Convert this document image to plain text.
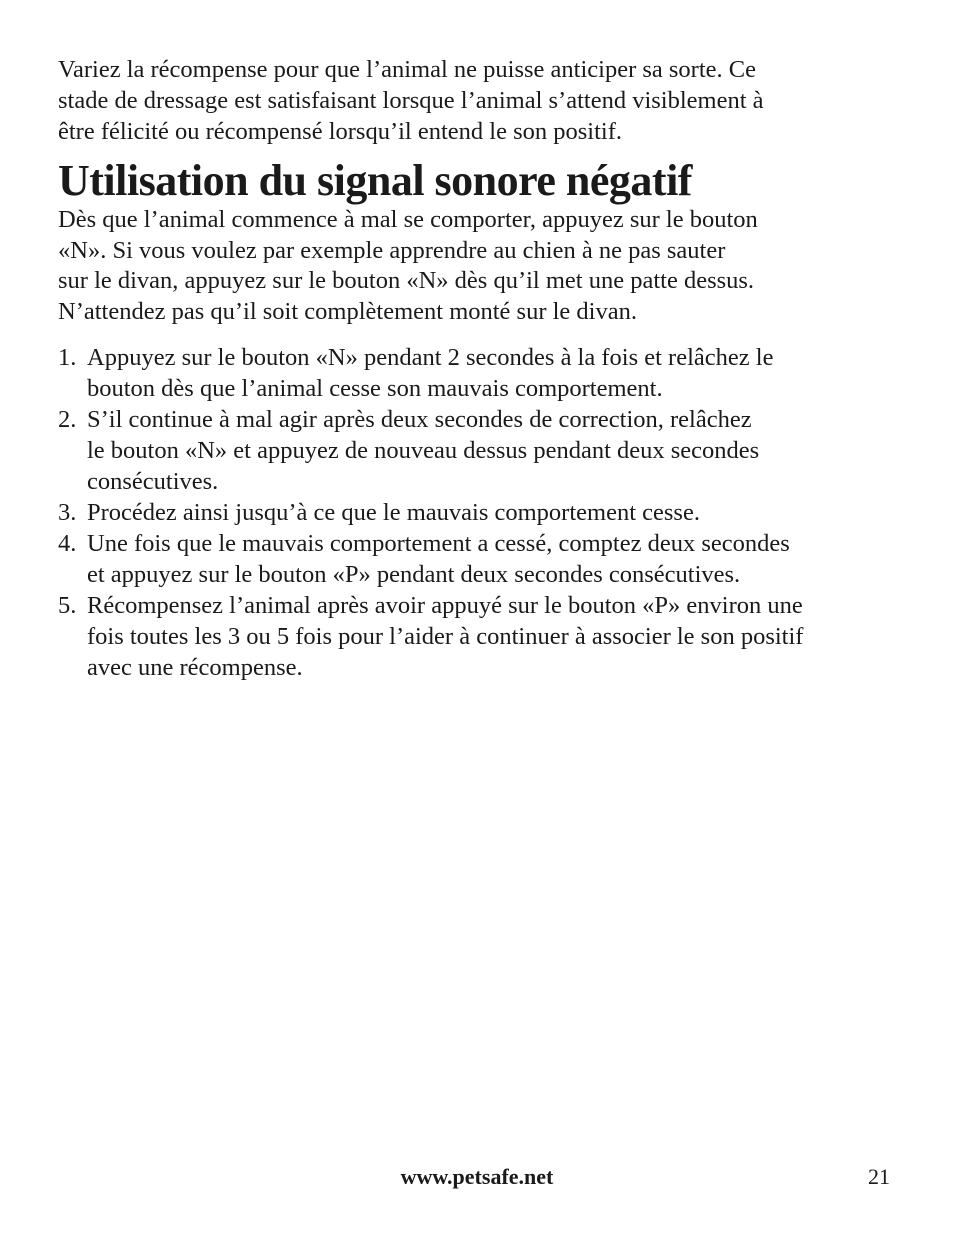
Variez la récompense pour que l’animal ne puisse anticiper sa sorte. Ce
stade de dressage est satisfaisant lorsque l’animal s’attend visiblement à
être félicité ou récompensé lorsqu’il entend le son positif.

Utilisation du signal sonore négatif

Dès que l’animal commence à mal se comporter, appuyez sur le bouton
«N». Si vous voulez par exemple apprendre au chien à ne pas sauter
sur le divan, appuyez sur le bouton «N» dès qu’il met une patte dessus.
N’attendez pas qu’il soit complètement monté sur le divan.

1. Appuyez sur le bouton «N» pendant 2 secondes à la fois et relâchez le
bouton dès que l’animal cesse son mauvais comportement.
2. S’il continue à mal agir après deux secondes de correction, relâchez
le bouton «N» et appuyez de nouveau dessus pendant deux secondes
consécutives.
3. Procédez ainsi jusqu’à ce que le mauvais comportement cesse.
4. Une fois que le mauvais comportement a cessé, comptez deux secondes
et appuyez sur le bouton «P» pendant deux secondes consécutives.
5. Récompensez l’animal après avoir appuyé sur le bouton «P» environ une
fois toutes les 3 ou 5 fois pour l’aider à continuer à associer le son positif
avec une récompense.
www.petsafe.net	21
